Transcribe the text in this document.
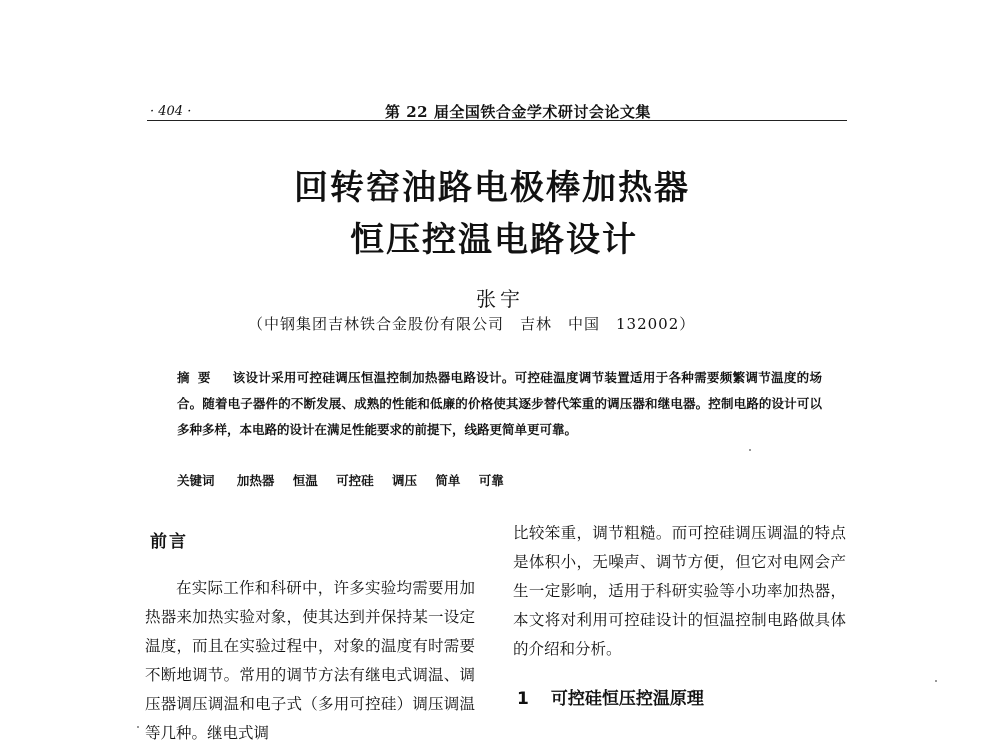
· 404 ·	第 22 届全国铁合金学术研讨会论文集
回转窑油路电极棒加热器
恒压控温电路设计
张宇
（中钢集团吉林铁合金股份有限公司　吉林　中国　132002）
摘要 该设计采用可控硅调压恒温控制加热器电路设计。可控硅温度调节装置适用于各种需要频繁调节温度的场合。随着电子器件的不断发展、成熟的性能和低廉的价格使其逐步替代笨重的调压器和继电器。控制电路的设计可以多种多样，本电路的设计在满足性能要求的前提下，线路更简单更可靠。
关键词 加热器 恒温 可控硅 调压 简单 可靠
前言
在实际工作和科研中，许多实验均需要用加热器来加热实验对象，使其达到并保持某一设定温度，而且在实验过程中，对象的温度有时需要不断地调节。常用的调节方法有继电式调温、调压器调压调温和电子式（多用可控硅）调压调温等几种。继电式调
比较笨重，调节粗糙。而可控硅调压调温的特点是体积小，无噪声、调节方便，但它对电网会产生一定影响，适用于科研实验等小功率加热器，本文将对利用可控硅设计的恒温控制电路做具体的介绍和分析。
1 可控硅恒压控温原理
